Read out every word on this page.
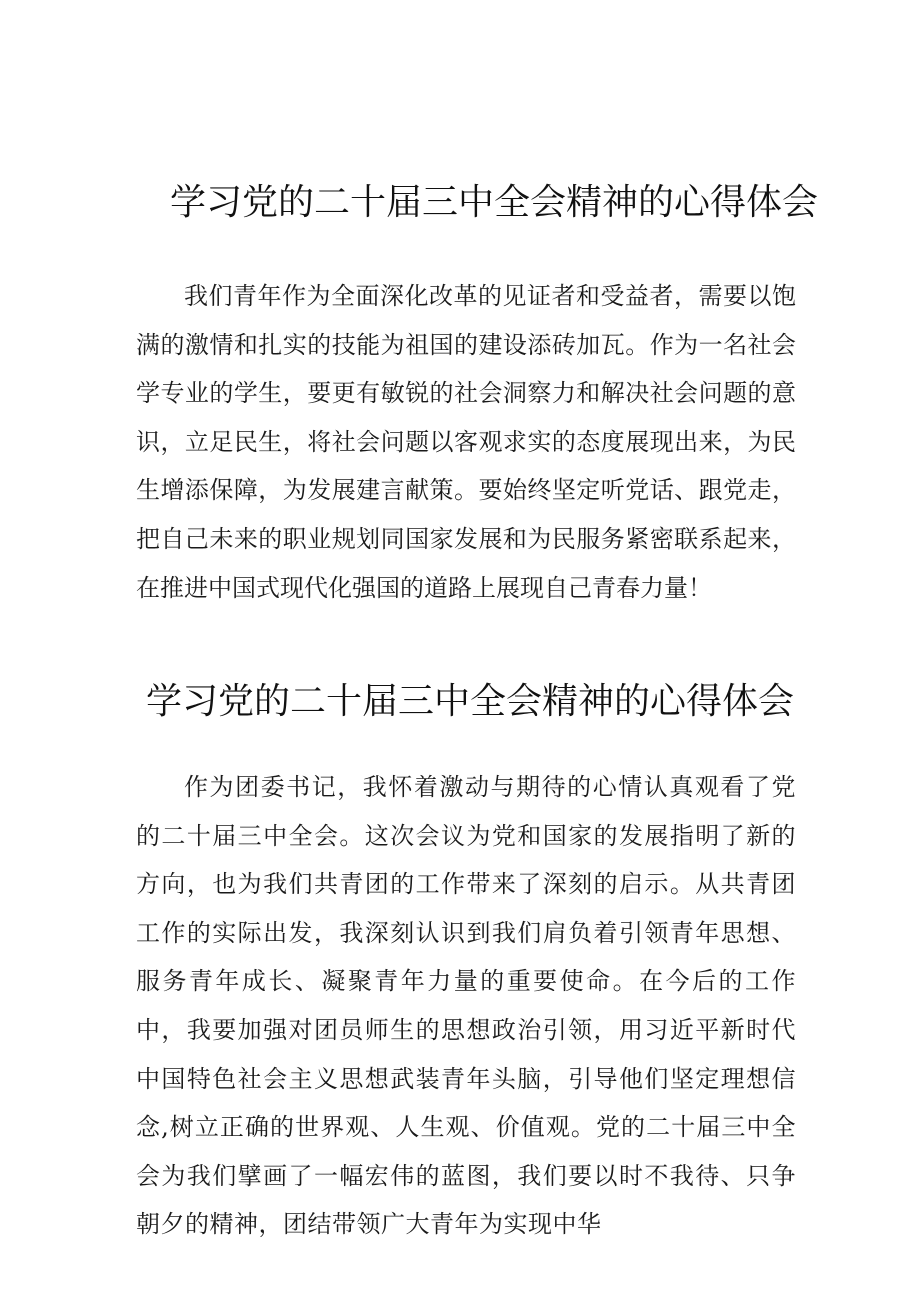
学习党的二十届三中全会精神的心得体会

我们青年作为全面深化改革的见证者和受益者，需要以饱满的激情和扎实的技能为祖国的建设添砖加瓦。作为一名社会学专业的学生，要更有敏锐的社会洞察力和解决社会问题的意识，立足民生，将社会问题以客观求实的态度展现出来，为民生增添保障，为发展建言献策。要始终坚定听党话、跟党走，把自己未来的职业规划同国家发展和为民服务紧密联系起来，在推进中国式现代化强国的道路上展现自己青春力量！

学习党的二十届三中全会精神的心得体会

作为团委书记，我怀着激动与期待的心情认真观看了党的二十届三中全会。这次会议为党和国家的发展指明了新的方向，也为我们共青团的工作带来了深刻的启示。从共青团工作的实际出发，我深刻认识到我们肩负着引领青年思想、服务青年成长、凝聚青年力量的重要使命。在今后的工作中，我要加强对团员师生的思想政治引领，用习近平新时代中国特色社会主义思想武装青年头脑，引导他们坚定理想信念,树立正确的世界观、人生观、价值观。党的二十届三中全会为我们擘画了一幅宏伟的蓝图，我们要以时不我待、只争朝夕的精神，团结带领广大青年为实现中华
